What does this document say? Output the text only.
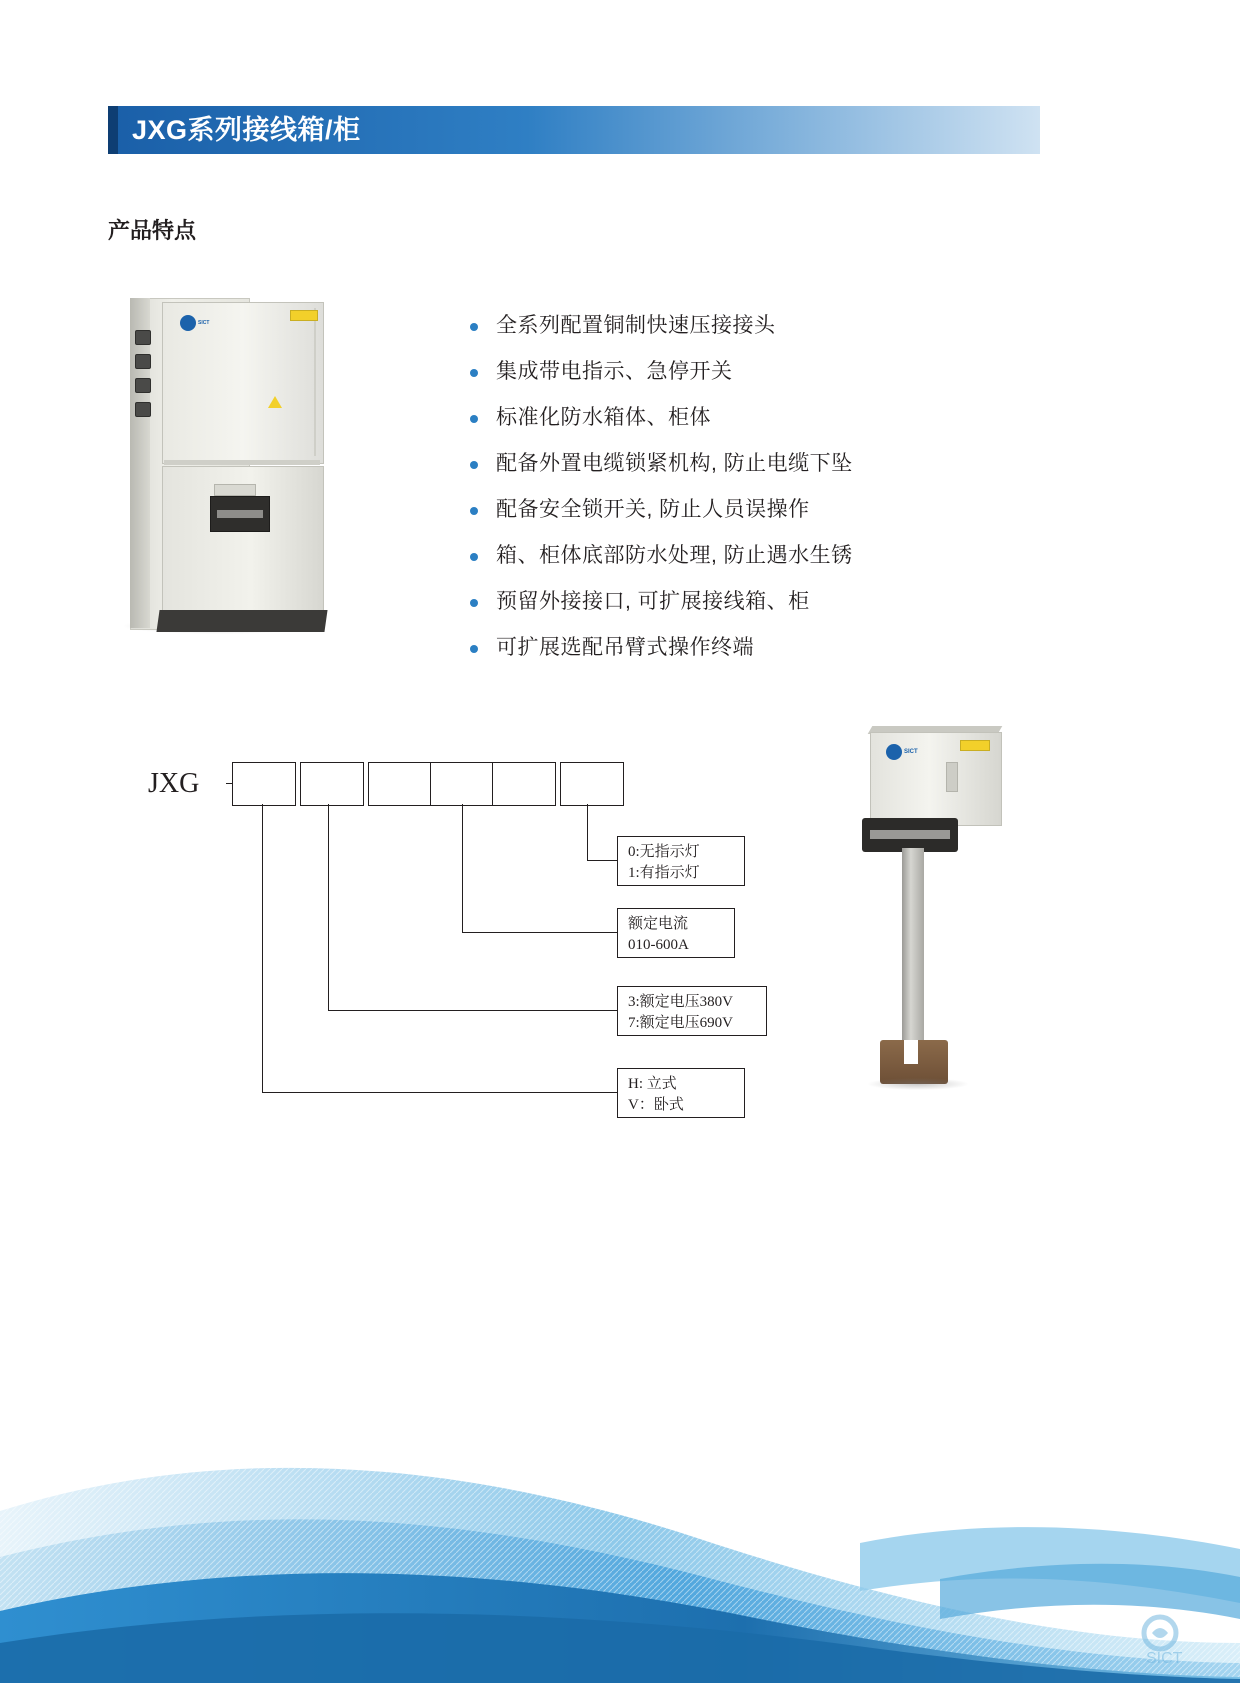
JXG系列接线箱/柜
产品特点
SICT	全系列配置铜制快速压接接头
集成带电指示、急停开关
标准化防水箱体、柜体
配备外置电缆锁紧机构, 防止电缆下坠
配备安全锁开关, 防止人员误操作
箱、柜体底部防水处理, 防止遇水生锈
预留外接接口, 可扩展接线箱、柜
可扩展选配吊臂式操作终端
JXG
0:无指示灯
1:有指示灯
额定电流
010-600A
3:额定电压380V
7:额定电压690V
H: 立式
V：卧式
SICT
SICT
